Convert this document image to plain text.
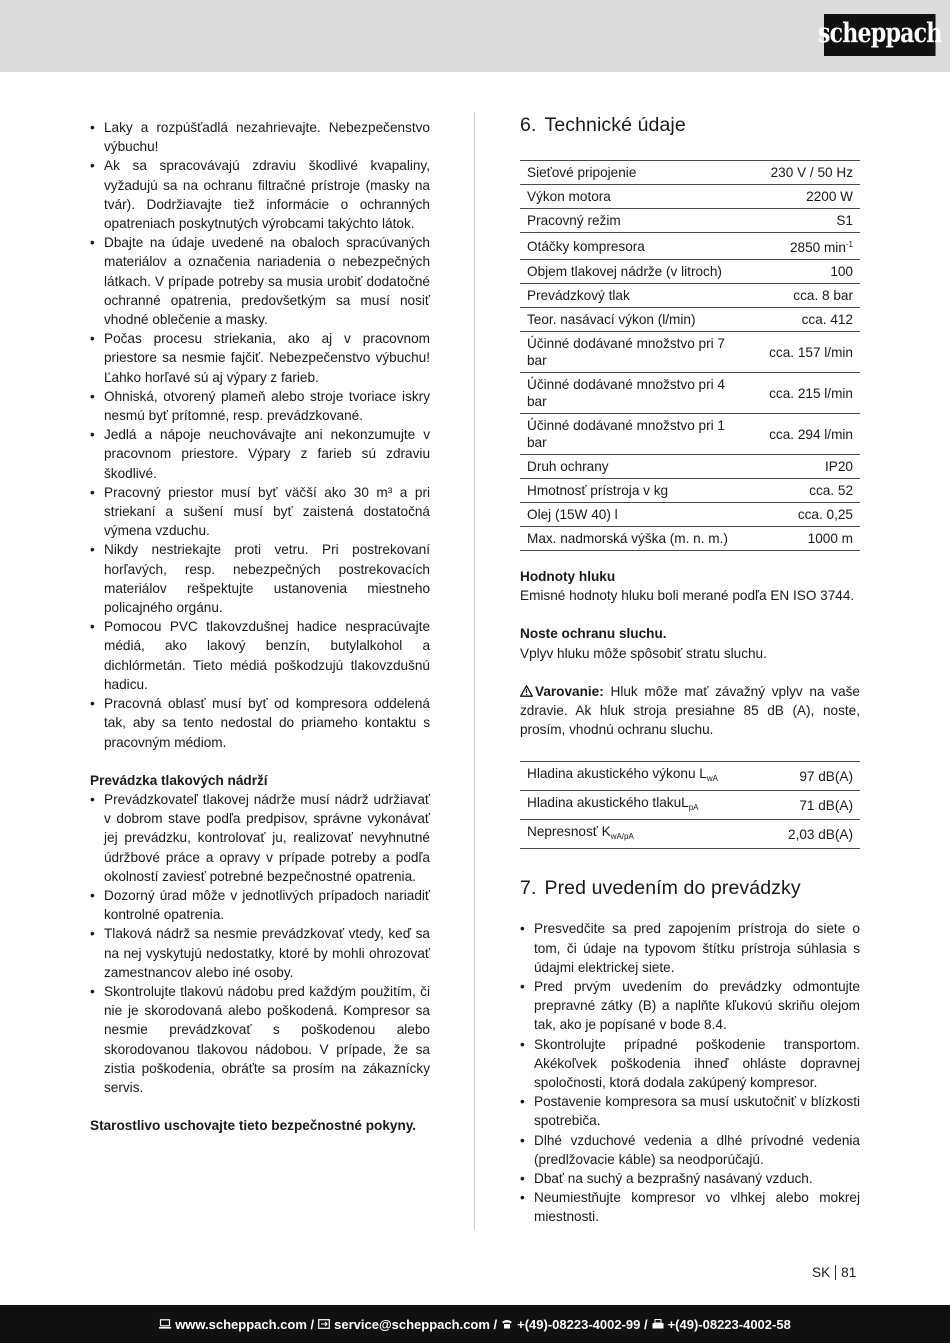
scheppach
• Laky a rozpúšťadlá nezahrievajte. Nebezpečenstvo výbuchu!
• Ak sa spracovávajú zdraviu škodlivé kvapaliny, vyžadujú sa na ochranu filtračné prístroje (masky na tvár). Dodržiavajte tiež informácie o ochranných opatreniach poskytnutých výrobcami takýchto látok.
• Dbajte na údaje uvedené na obaloch spracúvaných materiálov a označenia nariadenia o nebezpečných látkach. V prípade potreby sa musia urobiť dodatočné ochranné opatrenia, predovšetkým sa musí nosiť vhodné oblečenie a masky.
• Počas procesu striekania, ako aj v pracovnom priestore sa nesmie fajčiť. Nebezpečenstvo výbuchu! Ľahko horľavé sú aj výpary z farieb.
• Ohniská, otvorený plameň alebo stroje tvoriace iskry nesmú byť prítomné, resp. prevádzkované.
• Jedlá a nápoje neuchovávajte ani nekonzumujte v pracovnom priestore. Výpary z farieb sú zdraviu škodlivé.
• Pracovný priestor musí byť väčší ako 30 m³ a pri striekaní a sušení musí byť zaistená dostatočná výmena vzduchu.
• Nikdy nestriekajte proti vetru. Pri postrekovaní horľavých, resp. nebezpečných postrekovacích materiálov rešpektujte ustanovenia miestneho policajného orgánu.
• Pomocou PVC tlakovzdušnej hadice nespracúvajte médiá, ako lakový benzín, butylalkohol a dichlórmetán. Tieto médiá poškodzujú tlakovzdušnú hadicu.
• Pracovná oblasť musí byť od kompresora oddelená tak, aby sa tento nedostal do priameho kontaktu s pracovným médiom.
Prevádzka tlakových nádrží
• Prevádzkovateľ tlakovej nádrže musí nádrž udržiavať v dobrom stave podľa predpisov, správne vykonávať jej prevádzku, kontrolovať ju, realizovať nevyhnutné údržbové práce a opravy v prípade potreby a podľa okolností zaviesť potrebné bezpečnostné opatrenia.
• Dozorný úrad môže v jednotlivých prípadoch nariadiť kontrolné opatrenia.
• Tlaková nádrž sa nesmie prevádzkovať vtedy, keď sa na nej vyskytujú nedostatky, ktoré by mohli ohrozovať zamestnancov alebo iné osoby.
• Skontrolujte tlakovú nádobu pred každým použitím, či nie je skorodovaná alebo poškodená. Kompresor sa nesmie prevádzkovať s poškodenou alebo skorodovanou tlakovou nádobou. V prípade, že sa zistia poškodenia, obráťte sa prosím na zákaznícky servis.
Starostlivo uschovajte tieto bezpečnostné pokyny.
6. Technické údaje
Sieťové pripojenie	230 V / 50 Hz
Výkon motora	2200 W
Pracovný režim	S1
Otáčky kompresora	2850 $\min^{-1}$
Objem tlakovej nádrže (v litroch)	100
Prevádzkový tlak	cca. 8 bar
Teor. nasávací výkon (l/min)	cca. 412
Účinné dodávané množstvo pri 7 bar	cca. 157 l/min
Účinné dodávané množstvo pri 4 bar	cca. 215 l/min
Účinné dodávané množstvo pri 1 bar	cca. 294 l/min
Druh ochrany	IP20
Hmotnosť prístroja v kg	cca. 52
Olej (15W 40) l	cca. 0,25
Max. nadmorská výška (m. n. m.)	1000 m
Hodnoty hluku
Emisné hodnoty hluku boli merané podľa EN ISO 3744.
Noste ochranu sluchu.
Vplyv hluku môže spôsobiť stratu sluchu.
Varovanie: Hluk môže mať závažný vplyv na vaše zdravie. Ak hluk stroja presiahne 85 dB (A), noste, prosím, vhodnú ochranu sluchu.
Hladina akustického výkonu $L_{wA}$	97 dB(A)
Hladina akustického tlakuL$_{pA}$	71 dB(A)
Nepresnosť $K_{wA/pA}$	2,03 dB(A)
7. Pred uvedením do prevádzky
• Presvedčite sa pred zapojením prístroja do siete o tom, či údaje na typovom štítku prístroja súhlasia s údajmi elektrickej siete.
• Pred prvým uvedením do prevádzky odmontujte prepravné zátky (B) a naplňte kľukovú skriňu olejom tak, ako je popísané v bode 8.4.
• Skontrolujte prípadné poškodenie transportom. Akékoľvek poškodenia ihneď ohláste dopravnej spoločnosti, ktorá dodala zakúpený kompresor.
• Postavenie kompresora sa musí uskutočniť v blízkosti spotrebiča.
• Dlhé vzduchové vedenia a dlhé prívodné vedenia (predlžovacie káble) sa neodporúčajú.
• Dbať na suchý a bezprašný nasávaný vzduch.
• Neumiestňujte kompresor vo vlhkej alebo mokrej miestnosti.
SK 81
www.scheppach.com / service@scheppach.com / +(49)-08223-4002-99 / +(49)-08223-4002-58
